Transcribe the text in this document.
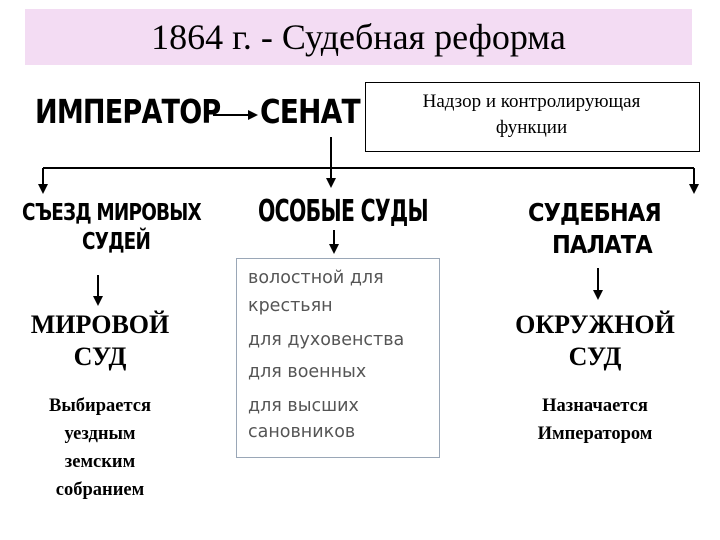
1864 г. - Судебная реформа
ИМПЕРАТОР СЕНАТ	Надзор и контролирующая
функции
СЪЕЗД МИРОВЫХ
СУДЕЙ
МИРОВОЙ
СУД
Выбирается
уездным
земским
собранием
ОСОБЫЕ СУДЫ
волостной для
крестьян
для духовенства
для военных
для высших
сановников
СУДЕБНАЯ
ПАЛАТА
ОКРУЖНОЙ
СУД
Назначается
Императором
